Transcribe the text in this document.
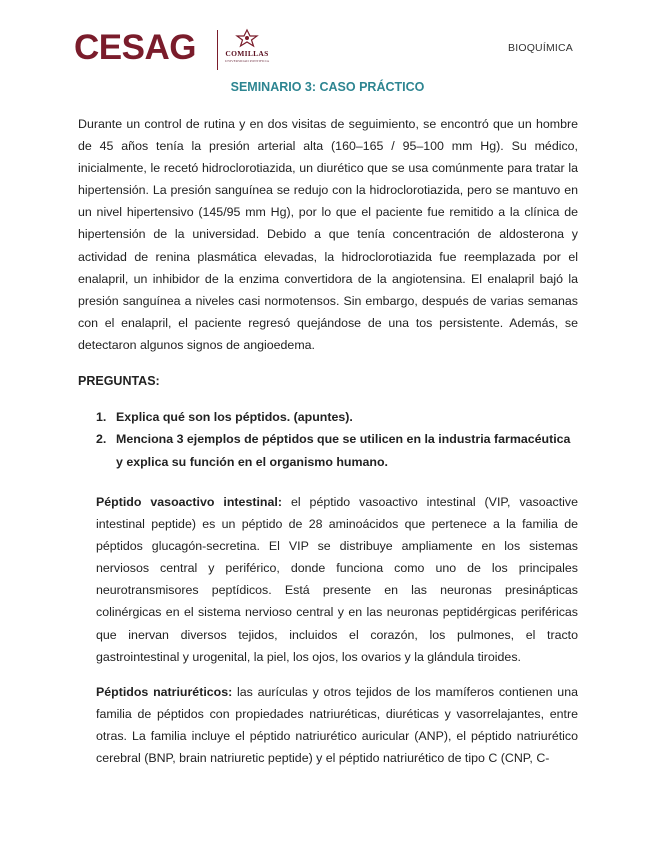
CESAG	COMILLAS
UNIVERSIDAD PONTIFICIA
BIOQUÍMICA
SEMINARIO 3: CASO PRÁCTICO

Durante un control de rutina y en dos visitas de seguimiento, se encontró que un hombre de 45 años tenía la presión arterial alta (160–165 / 95–100 mm Hg). Su médico, inicialmente, le recetó hidroclorotiazida, un diurético que se usa comúnmente para tratar la hipertensión. La presión sanguínea se redujo con la hidroclorotiazida, pero se mantuvo en un nivel hipertensivo (145/95 mm Hg), por lo que el paciente fue remitido a la clínica de hipertensión de la universidad. Debido a que tenía concentración de aldosterona y actividad de renina plasmática elevadas, la hidroclorotiazida fue reemplazada por el enalapril, un inhibidor de la enzima convertidora de la angiotensina. El enalapril bajó la presión sanguínea a niveles casi normotensos. Sin embargo, después de varias semanas con el enalapril, el paciente regresó quejándose de una tos persistente. Además, se detectaron algunos signos de angioedema.

PREGUNTAS:
1. Explica qué son los péptidos. (apuntes).
2. Menciona 3 ejemplos de péptidos que se utilicen en la industria farmacéutica y explica su función en el organismo humano.

Péptido vasoactivo intestinal: el péptido vasoactivo intestinal (VIP, vasoactive intestinal peptide) es un péptido de 28 aminoácidos que pertenece a la familia de péptidos glucagón-secretina. El VIP se distribuye ampliamente en los sistemas nerviosos central y periférico, donde funciona como uno de los principales neurotransmisores peptídicos. Está presente en las neuronas presinápticas colinérgicas en el sistema nervioso central y en las neuronas peptidérgicas periféricas que inervan diversos tejidos, incluidos el corazón, los pulmones, el tracto gastrointestinal y urogenital, la piel, los ojos, los ovarios y la glándula tiroides.

Péptidos natriuréticos: las aurículas y otros tejidos de los mamíferos contienen una familia de péptidos con propiedades natriuréticas, diuréticas y vasorrelajantes, entre otras. La familia incluye el péptido natriurético auricular (ANP), el péptido natriurético cerebral (BNP, brain natriuretic peptide) y el péptido natriurético de tipo C (CNP, C-
